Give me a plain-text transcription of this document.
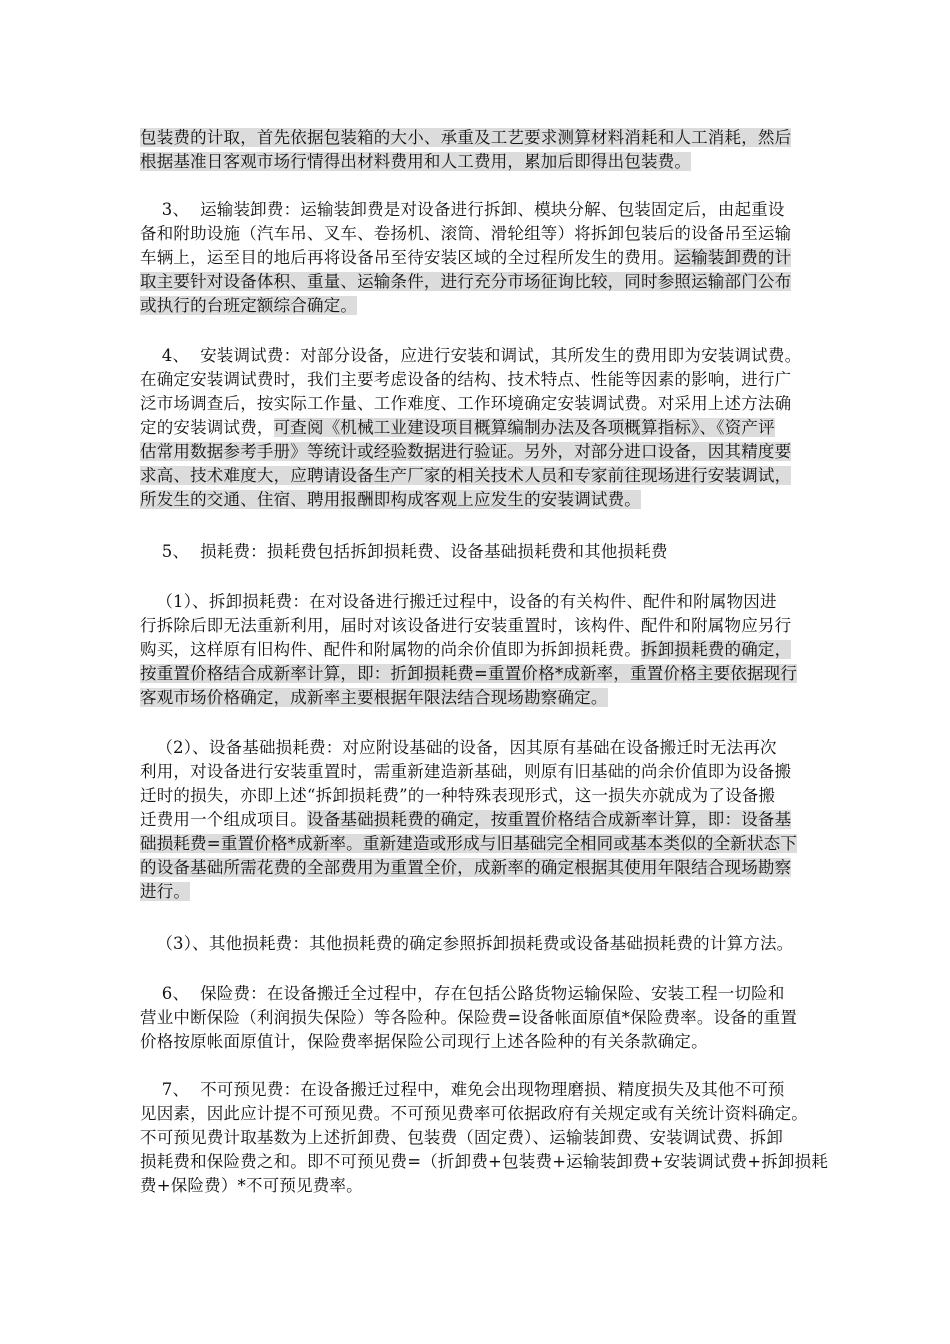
包装费的计取，首先依据包装箱的大小、承重及工艺要求测算材料消耗和人工消耗，然后
根据基准日客观市场行情得出材料费用和人工费用，累加后即得出包装费。
3、  运输装卸费：运输装卸费是对设备进行拆卸、模块分解、包装固定后，由起重设
备和附助设施（汽车吊、叉车、卷扬机、滚筒、滑轮组等）将拆卸包装后的设备吊至运输
车辆上，运至目的地后再将设备吊至待安装区域的全过程所发生的费用。运输装卸费的计
取主要针对设备体积、重量、运输条件，进行充分市场征询比较，同时参照运输部门公布
或执行的台班定额综合确定。
4、  安装调试费：对部分设备，应进行安装和调试，其所发生的费用即为安装调试费。
在确定安装调试费时，我们主要考虑设备的结构、技术特点、性能等因素的影响，进行广
泛市场调查后，按实际工作量、工作难度、工作环境确定安装调试费。对采用上述方法确
定的安装调试费，可查阅《机械工业建设项目概算编制办法及各项概算指标》、《资产评
估常用数据参考手册》等统计或经验数据进行验证。另外，对部分进口设备，因其精度要
求高、技术难度大，应聘请设备生产厂家的相关技术人员和专家前往现场进行安装调试，
所发生的交通、住宿、聘用报酬即构成客观上应发生的安装调试费。
5、  损耗费：损耗费包括拆卸损耗费、设备基础损耗费和其他损耗费
（1）、拆卸损耗费：在对设备进行搬迁过程中，设备的有关构件、配件和附属物因进
行拆除后即无法重新利用，届时对该设备进行安装重置时，该构件、配件和附属物应另行
购买，这样原有旧构件、配件和附属物的尚余价值即为拆卸损耗费。拆卸损耗费的确定，
按重置价格结合成新率计算，即：折卸损耗费=重置价格*成新率，重置价格主要依据现行
客观市场价格确定，成新率主要根据年限法结合现场勘察确定。
（2）、设备基础损耗费：对应附设基础的设备，因其原有基础在设备搬迁时无法再次
利用，对设备进行安装重置时，需重新建造新基础，则原有旧基础的尚余价值即为设备搬
迁时的损失，亦即上述“拆卸损耗费”的一种特殊表现形式，这一损失亦就成为了设备搬
迁费用一个组成项目。设备基础损耗费的确定，按重置价格结合成新率计算，即：设备基
础损耗费=重置价格*成新率。重新建造或形成与旧基础完全相同或基本类似的全新状态下
的设备基础所需花费的全部费用为重置全价，成新率的确定根据其使用年限结合现场勘察
进行。
（3）、其他损耗费：其他损耗费的确定参照拆卸损耗费或设备基础损耗费的计算方法。
6、  保险费：在设备搬迁全过程中，存在包括公路货物运输保险、安装工程一切险和
营业中断保险（利润损失保险）等各险种。保险费=设备帐面原值*保险费率。设备的重置
价格按原帐面原值计，保险费率据保险公司现行上述各险种的有关条款确定。
7、  不可预见费：在设备搬迁过程中，难免会出现物理磨损、精度损失及其他不可预
见因素，因此应计提不可预见费。不可预见费率可依据政府有关规定或有关统计资料确定。
不可预见费计取基数为上述折卸费、包装费（固定费）、运输装卸费、安装调试费、拆卸
损耗费和保险费之和。即不可预见费=（折卸费+包装费+运输装卸费+安装调试费+拆卸损耗
费+保险费）*不可预见费率。
